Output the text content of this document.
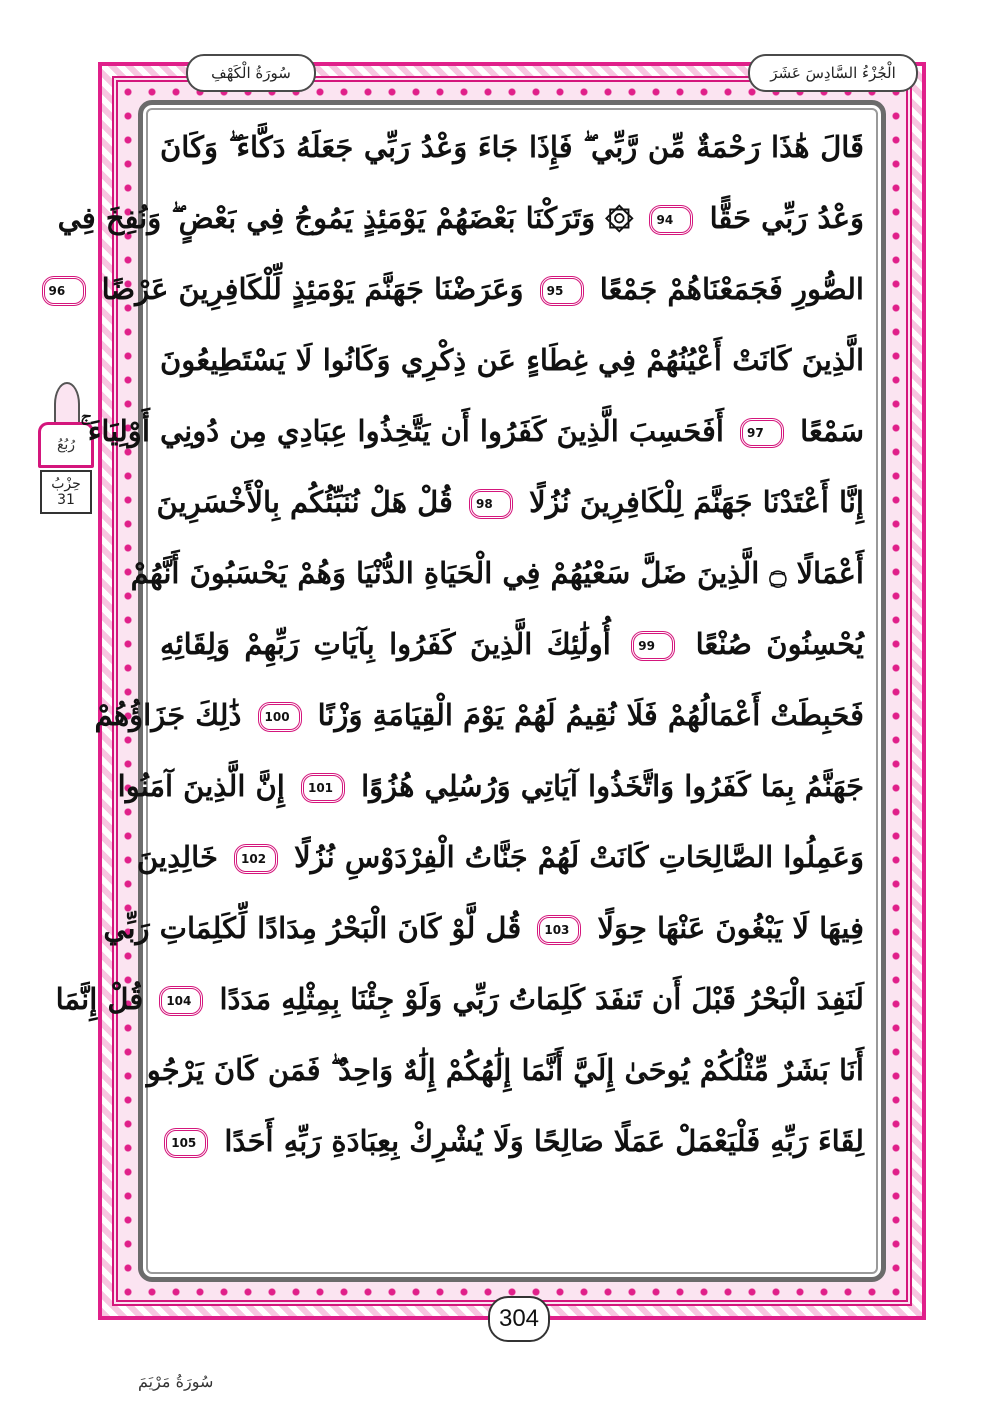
الْجُزْءُ السَّادِسَ عَشَرَ
سُورَةُ الْكَهْفِ
رُبُعُ
حِزْبُ
31
قَالَ هَٰذَا رَحْمَةٌ مِّن رَّبِّي ۖ فَإِذَا جَاءَ وَعْدُ رَبِّي جَعَلَهُ دَكَّاءَ ۖ وَكَانَ
وَعْدُ رَبِّي حَقًّا 94 ۞ وَتَرَكْنَا بَعْضَهُمْ يَوْمَئِذٍ يَمُوجُ فِي بَعْضٍ ۖ وَنُفِخَ فِي
الصُّورِ فَجَمَعْنَاهُمْ جَمْعًا 95 وَعَرَضْنَا جَهَنَّمَ يَوْمَئِذٍ لِّلْكَافِرِينَ عَرْضًا 96
الَّذِينَ كَانَتْ أَعْيُنُهُمْ فِي غِطَاءٍ عَن ذِكْرِي وَكَانُوا لَا يَسْتَطِيعُونَ
سَمْعًا 97 أَفَحَسِبَ الَّذِينَ كَفَرُوا أَن يَتَّخِذُوا عِبَادِي مِن دُونِي أَوْلِيَاءَ ۚ
إِنَّا أَعْتَدْنَا جَهَنَّمَ لِلْكَافِرِينَ نُزُلًا 98 قُلْ هَلْ نُنَبِّئُكُم بِالْأَخْسَرِينَ
أَعْمَالًا ۝ الَّذِينَ ضَلَّ سَعْيُهُمْ فِي الْحَيَاةِ الدُّنْيَا وَهُمْ يَحْسَبُونَ أَنَّهُمْ
يُحْسِنُونَ صُنْعًا 99 أُولَٰئِكَ الَّذِينَ كَفَرُوا بِآيَاتِ رَبِّهِمْ وَلِقَائِهِ
فَحَبِطَتْ أَعْمَالُهُمْ فَلَا نُقِيمُ لَهُمْ يَوْمَ الْقِيَامَةِ وَزْنًا 100 ذَٰلِكَ جَزَاؤُهُمْ
جَهَنَّمُ بِمَا كَفَرُوا وَاتَّخَذُوا آيَاتِي وَرُسُلِي هُزُوًا 101 إِنَّ الَّذِينَ آمَنُوا
وَعَمِلُوا الصَّالِحَاتِ كَانَتْ لَهُمْ جَنَّاتُ الْفِرْدَوْسِ نُزُلًا 102 خَالِدِينَ
فِيهَا لَا يَبْغُونَ عَنْهَا حِوَلًا 103 قُل لَّوْ كَانَ الْبَحْرُ مِدَادًا لِّكَلِمَاتِ رَبِّي
لَنَفِدَ الْبَحْرُ قَبْلَ أَن تَنفَدَ كَلِمَاتُ رَبِّي وَلَوْ جِئْنَا بِمِثْلِهِ مَدَدًا 104 قُلْ إِنَّمَا
أَنَا بَشَرٌ مِّثْلُكُمْ يُوحَىٰ إِلَيَّ أَنَّمَا إِلَٰهُكُمْ إِلَٰهٌ وَاحِدٌ ۖ فَمَن كَانَ يَرْجُو
لِقَاءَ رَبِّهِ فَلْيَعْمَلْ عَمَلًا صَالِحًا وَلَا يُشْرِكْ بِعِبَادَةِ رَبِّهِ أَحَدًا 105
304
سُورَةُ مَرْيَمَ
